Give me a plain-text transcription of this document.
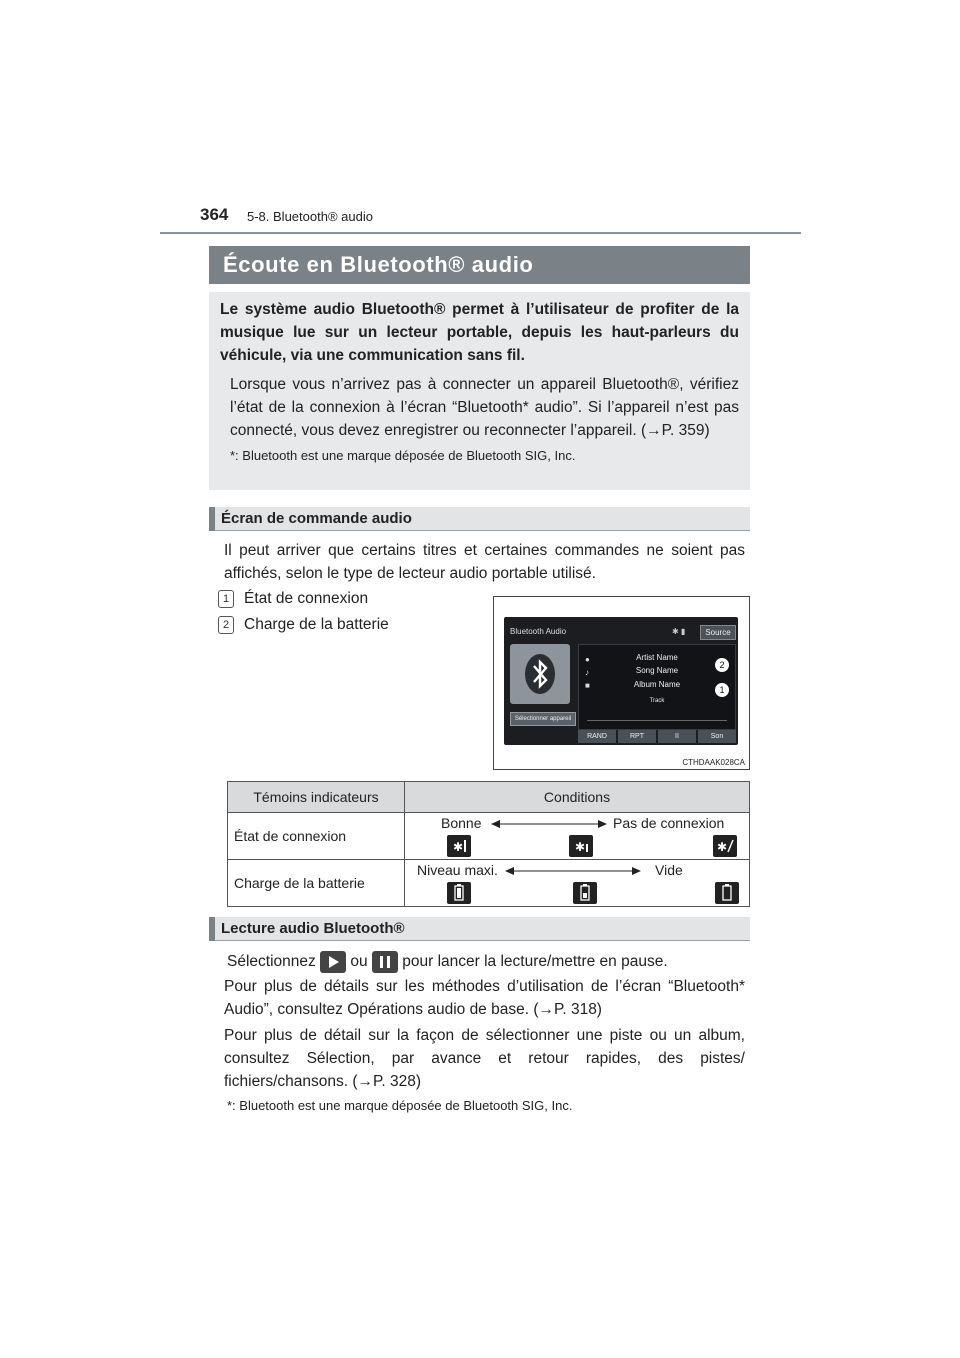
364 5-8. Bluetooth® audio
Écoute en Bluetooth® audio
Le système audio Bluetooth® permet à l’utilisateur de profiter de la musique lue sur un lecteur portable, depuis les haut-parleurs du véhicule, via une communication sans fil.
Lorsque vous n’arrivez pas à connecter un appareil Bluetooth®, vérifiez l’état de la connexion à l’écran “Bluetooth* audio”. Si l’appareil n’est pas connecté, vous devez enregistrer ou reconnecter l’appareil. (→P. 359)
*: Bluetooth est une marque déposée de Bluetooth SIG, Inc.
Écran de commande audio
Il peut arriver que certains titres et certaines commandes ne soient pas affichés, selon le type de lecteur audio portable utilisé.
1 État de connexion
2 Charge de la batterie
CTHDAAK028CA
Bluetooth Audio	✱ ▮	Source
Sélectionner appareil
●
♪
■
Artist Name
Song Name
Album Name
Track
2
1
RAND	RPT	II	Son
Témoins indicateurs	Conditions
État de connexion	Bonne Pas de connexion
✱
✱
✱

Charge de la batterie	Niveau maxi. Vide

Lecture audio Bluetooth®
Sélectionnez ou pour lancer la lecture/mettre en pause.
Pour plus de détails sur les méthodes d’utilisation de l’écran “Bluetooth* Audio”, consultez Opérations audio de base. (→P. 318)
Pour plus de détail sur la façon de sélectionner une piste ou un album, consultez Sélection, par avance et retour rapides, des pistes/ fichiers/chansons. (→P. 328)
*: Bluetooth est une marque déposée de Bluetooth SIG, Inc.
